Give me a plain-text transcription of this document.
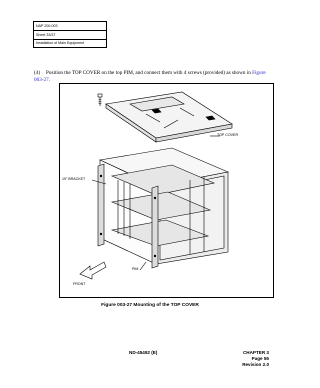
NAP 200-003
Sheet 33/37
Installation of Main Equipment
(4) Position the TOP COVER on the top PIM, and connect them with 4 screws (provided) as shown in Figure 003-27.
TOP COVER
19" BRACKET
PIM
FRONT
Figure 003-27 Mounting of the TOP COVER
ND-45492 (E)	CHAPTER 3
Page 55
Revision 2.0
